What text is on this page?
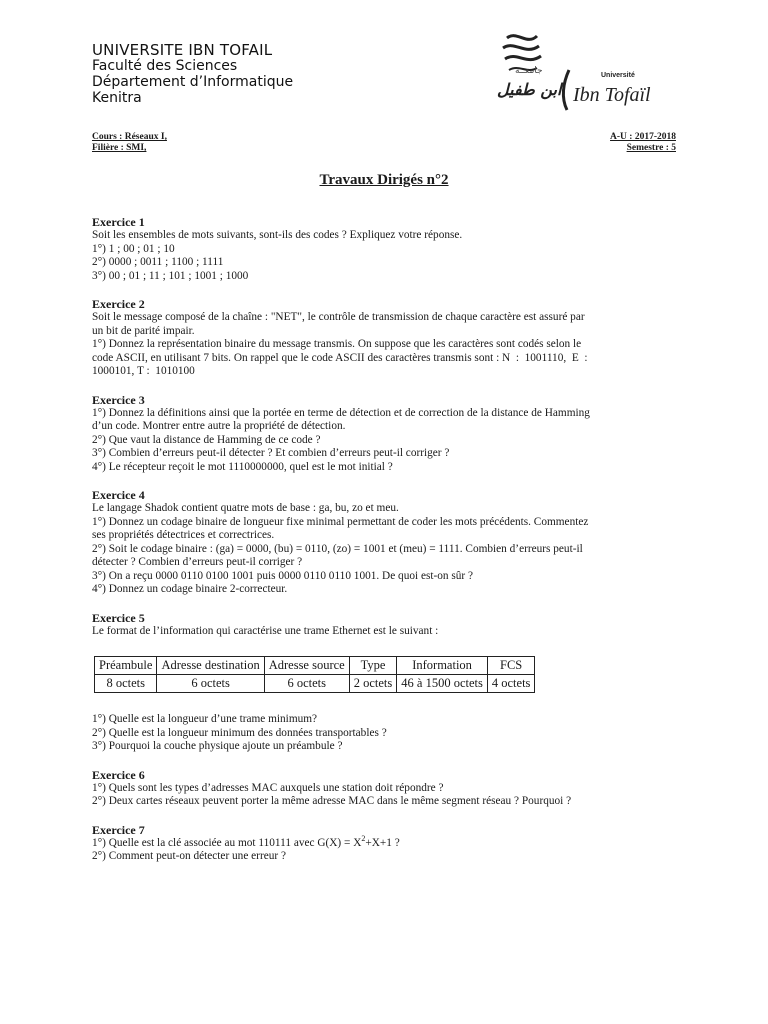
UNIVERSITE IBN TOFAIL
Faculté des Sciences
Département d’Informatique
Kenitra
جامعــة
ابن طفيل
Université
Ibn Tofaïl
Cours : Réseaux I,
Filière : SMI,
A-U : 2017-2018
Semestre : 5
Travaux Dirigés n°2
Exercice 1
Soit les ensembles de mots suivants, sont-ils des codes ? Expliquez votre réponse.
1°) 1 ; 00 ; 01 ; 10
2°) 0000 ; 0011 ; 1100 ; 1111
3°) 00 ; 01 ; 11 ; 101 ; 1001 ; 1000
Exercice 2
Soit le message composé de la chaîne : "NET", le contrôle de transmission de chaque caractère est assuré par
un bit de parité impair.
1°) Donnez la représentation binaire du message transmis. On suppose que les caractères sont codés selon le
code ASCII, en utilisant 7 bits. On rappel que le code ASCII des caractères transmis sont : N  :  1001110,  E  :
1000101, T :  1010100
Exercice 3
1°) Donnez la définitions ainsi que la portée en terme de détection et de correction de la distance de Hamming
d’un code. Montrer entre autre la propriété de détection.
2°) Que vaut la distance de Hamming de ce code ?
3°) Combien d’erreurs peut-il détecter ? Et combien d’erreurs peut-il corriger ?
4°) Le récepteur reçoit le mot 1110000000, quel est le mot initial ?
Exercice 4
Le langage Shadok contient quatre mots de base : ga, bu, zo et meu.
1°) Donnez un codage binaire de longueur fixe minimal permettant de coder les mots précédents. Commentez
ses propriétés détectrices et correctrices.
2°) Soit le codage binaire : (ga) = 0000, (bu) = 0110, (zo) = 1001 et (meu) = 1111. Combien d’erreurs peut-il
détecter ? Combien d’erreurs peut-il corriger ?
3°) On a reçu 0000 0110 0100 1001 puis 0000 0110 0110 1001. De quoi est-on sûr ?
4°) Donnez un codage binaire 2-correcteur.
Exercice 5
Le format de l’information qui caractérise une trame Ethernet est le suivant :
Préambule	Adresse destination	Adresse source	Type	Information	FCS
8 octets	6 octets	6 octets	2 octets	46 à 1500 octets	4 octets
1°) Quelle est la longueur d’une trame minimum?
2°) Quelle est la longueur minimum des données transportables ?
3°) Pourquoi la couche physique ajoute un préambule ?
Exercice 6
1°) Quels sont les types d’adresses MAC auxquels une station doit répondre ?
2°) Deux cartes réseaux peuvent porter la même adresse MAC dans le même segment réseau ? Pourquoi ?
Exercice 7
1°) Quelle est la clé associée au mot 110111 avec $G(X) = X^2+X+1$ ?
2°) Comment peut-on détecter une erreur ?
